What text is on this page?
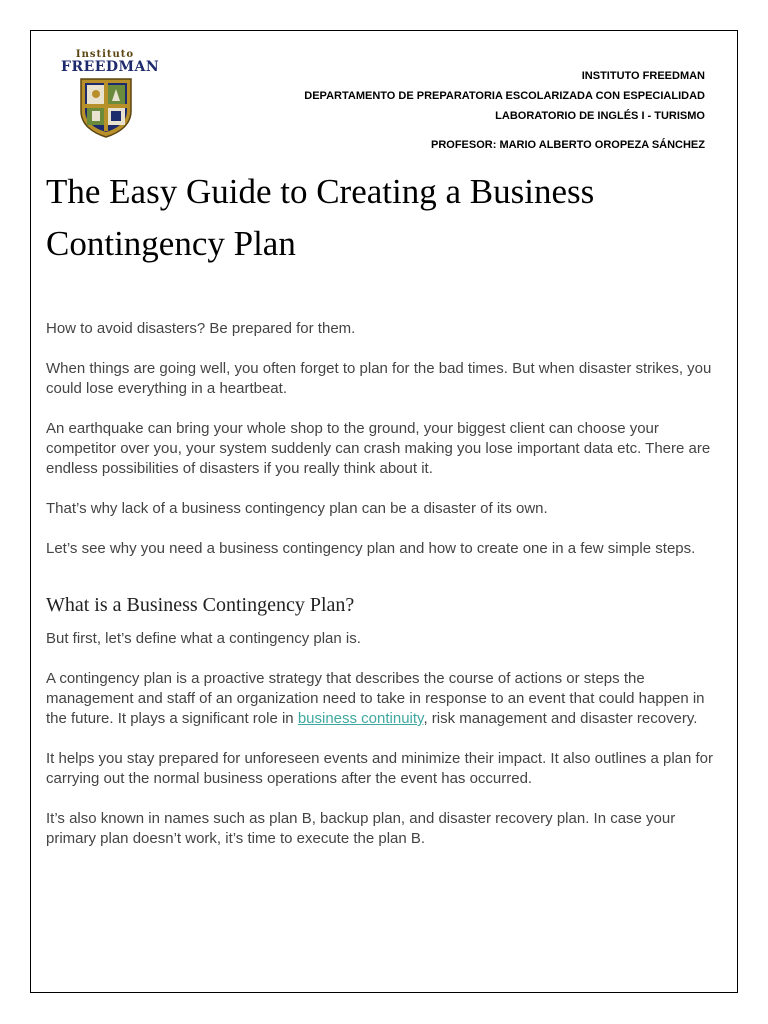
Instituto
FREEDMAN
INSTITUTO FREEDMAN
DEPARTAMENTO DE PREPARATORIA ESCOLARIZADA CON ESPECIALIDAD
LABORATORIO DE INGLÉS I - TURISMO
PROFESOR: MARIO ALBERTO OROPEZA SÁNCHEZ
The Easy Guide to Creating a Business Contingency Plan

How to avoid disasters? Be prepared for them.

When things are going well, you often forget to plan for the bad times. But when disaster strikes, you could lose everything in a heartbeat.

An earthquake can bring your whole shop to the ground, your biggest client can choose your competitor over you, your system suddenly can crash making you lose important data etc. There are endless possibilities of disasters if you really think about it.

That’s why lack of a business contingency plan can be a disaster of its own.

Let’s see why you need a business contingency plan and how to create one in a few simple steps.

What is a Business Contingency Plan?

But first, let’s define what a contingency plan is.

A contingency plan is a proactive strategy that describes the course of actions or steps the management and staff of an organization need to take in response to an event that could happen in the future. It plays a significant role in business continuity, risk management and disaster recovery.

It helps you stay prepared for unforeseen events and minimize their impact. It also outlines a plan for carrying out the normal business operations after the event has occurred.

It’s also known in names such as plan B, backup plan, and disaster recovery plan. In case your primary plan doesn’t work, it’s time to execute the plan B.
